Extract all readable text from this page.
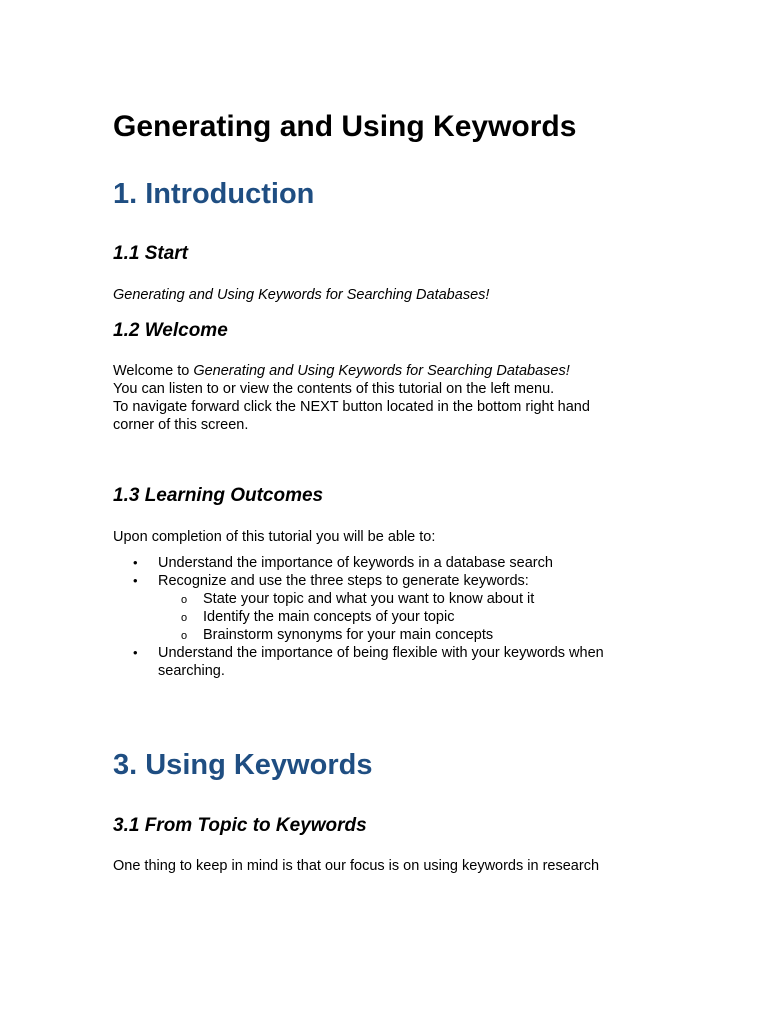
Generating and Using Keywords
1. Introduction
1.1 Start

Generating and Using Keywords for Searching Databases!

1.2 Welcome

Welcome to Generating and Using Keywords for Searching Databases!
You can listen to or view the contents of this tutorial on the left menu.
To navigate forward click the NEXT button located in the bottom right hand
corner of this screen.

1.3 Learning Outcomes

Upon completion of this tutorial you will be able to:

• Understand the importance of keywords in a database search
• Recognize and use the three steps to generate keywords:
o State your topic and what you want to know about it
o Identify the main concepts of your topic
o Brainstorm synonyms for your main concepts
• Understand the importance of being flexible with your keywords when
searching.
3. Using Keywords
3.1 From Topic to Keywords

One thing to keep in mind is that our focus is on using keywords in research
